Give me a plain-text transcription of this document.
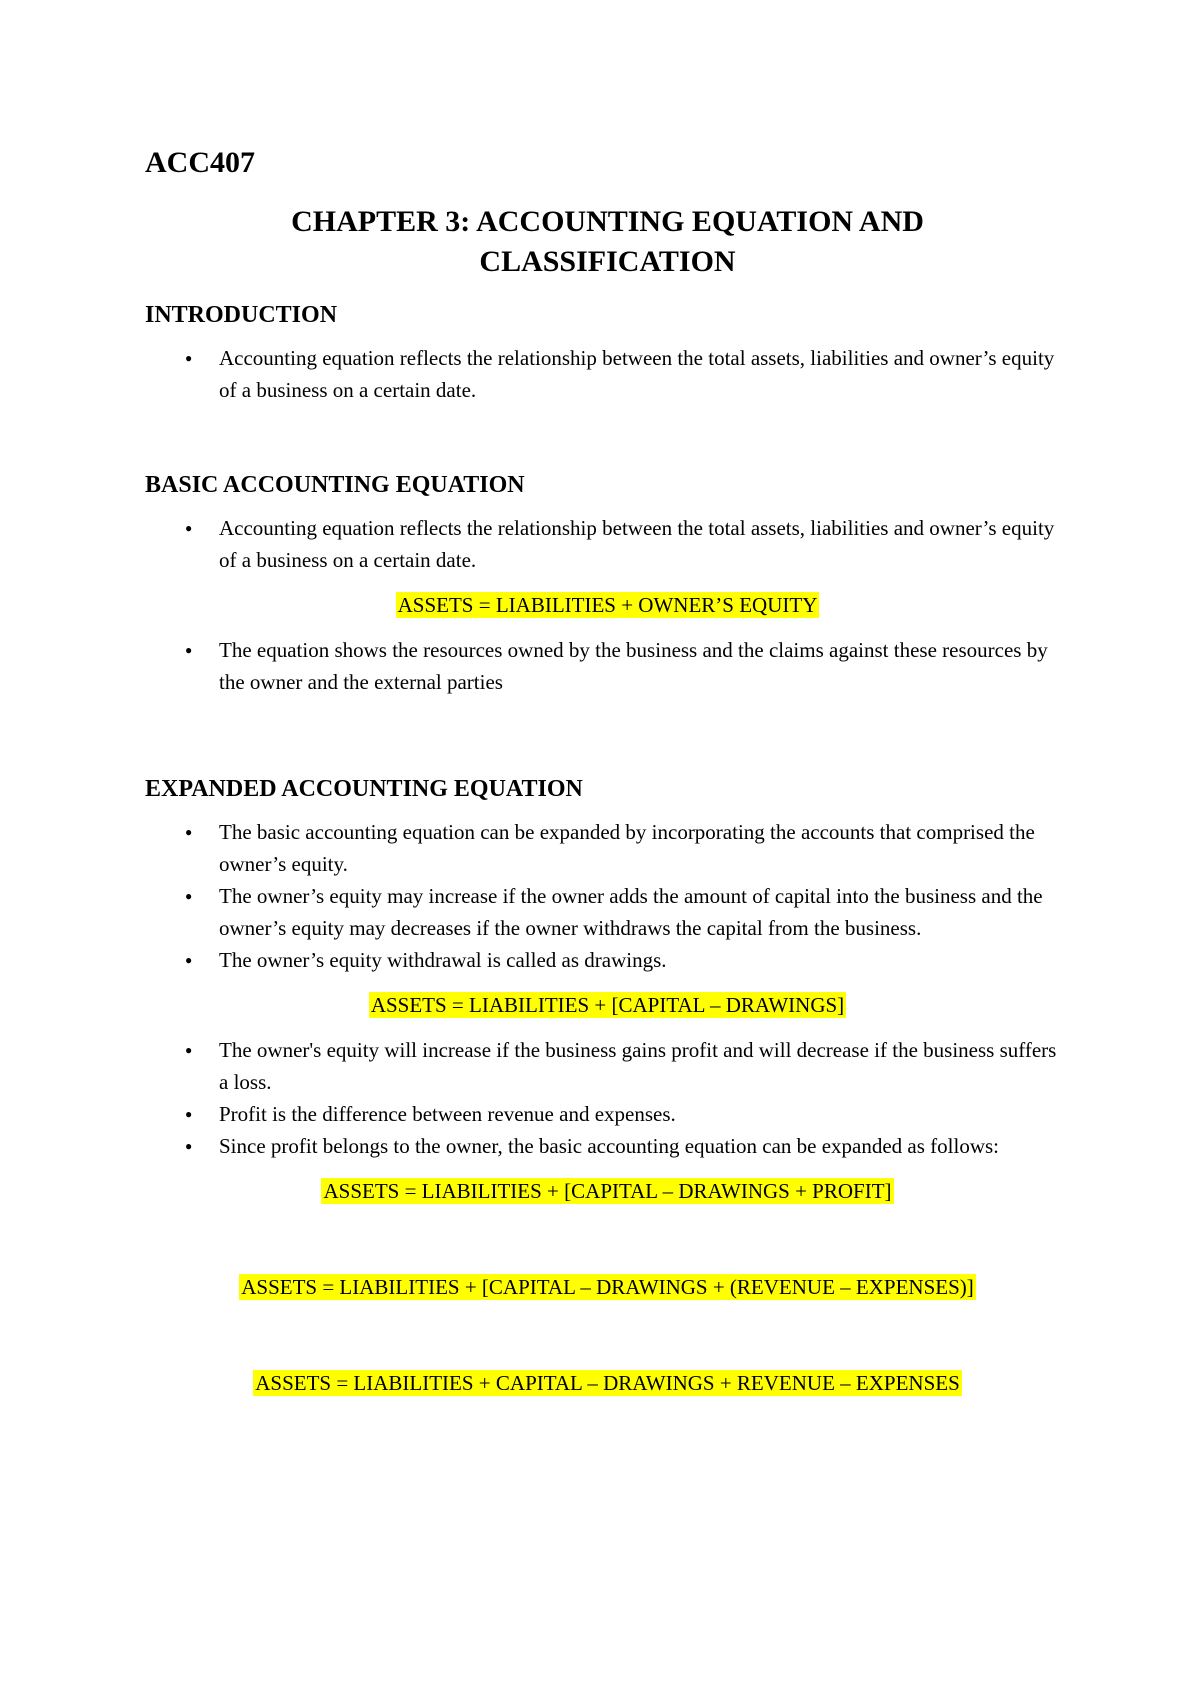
ACC407
CHAPTER 3: ACCOUNTING EQUATION AND
CLASSIFICATION
INTRODUCTION
● Accounting equation reflects the relationship between the total assets, liabilities and owner’s equity of a business on a certain date.
BASIC ACCOUNTING EQUATION
● Accounting equation reflects the relationship between the total assets, liabilities and owner’s equity of a business on a certain date.

ASSETS = LIABILITIES + OWNER’S EQUITY

● The equation shows the resources owned by the business and the claims against these resources by the owner and the external parties
EXPANDED ACCOUNTING EQUATION
● The basic accounting equation can be expanded by incorporating the accounts that comprised the owner’s equity.
● The owner’s equity may increase if the owner adds the amount of capital into the business and the owner’s equity may decreases if the owner withdraws the capital from the business.
● The owner’s equity withdrawal is called as drawings.

ASSETS = LIABILITIES + [CAPITAL – DRAWINGS]

● The owner's equity will increase if the business gains profit and will decrease if the business suffers a loss.
● Profit is the difference between revenue and expenses.
● Since profit belongs to the owner, the basic accounting equation can be expanded as follows:

ASSETS = LIABILITIES + [CAPITAL – DRAWINGS + PROFIT]

ASSETS = LIABILITIES + [CAPITAL – DRAWINGS + (REVENUE – EXPENSES)]

ASSETS = LIABILITIES + CAPITAL – DRAWINGS + REVENUE – EXPENSES
